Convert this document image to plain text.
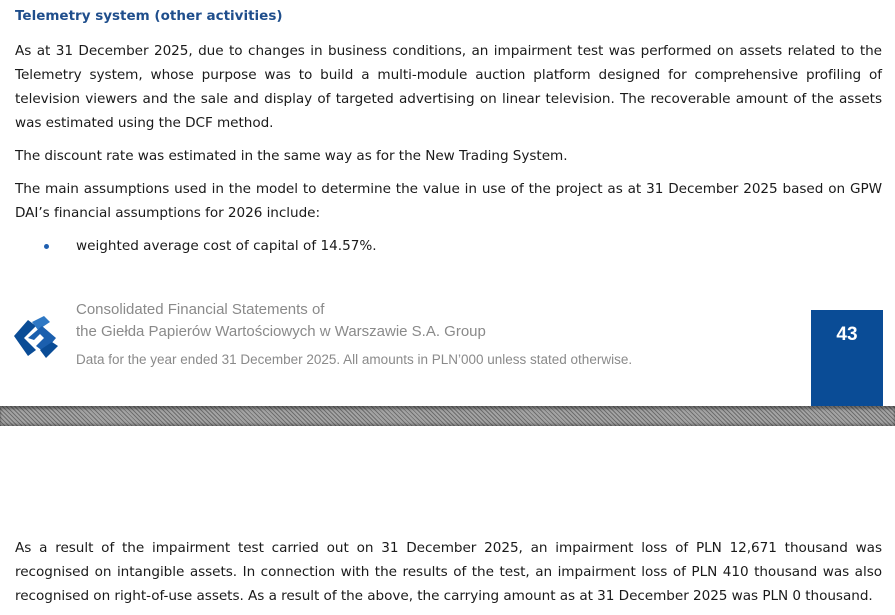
Telemetry system (other activities)

As at 31 December 2025, due to changes in business conditions, an impairment test was performed on assets related to the Telemetry system, whose purpose was to build a multi-module auction platform designed for comprehensive profiling of television viewers and the sale and display of targeted advertising on linear television. The recoverable amount of the assets was estimated using the DCF method.

The discount rate was estimated in the same way as for the New Trading System.

The main assumptions used in the model to determine the value in use of the project as at 31 December 2025 based on GPW DAI’s financial assumptions for 2026 include:

weighted average cost of capital of 14.57%.
Consolidated Financial Statements of
the Giełda Papierów Wartościowych w Warszawie S.A. Group
Data for the year ended 31 December 2025. All amounts in PLN’000 unless stated otherwise.
43

As a result of the impairment test carried out on 31 December 2025, an impairment loss of PLN 12,671 thousand was recognised on intangible assets. In connection with the results of the test, an impairment loss of PLN 410 thousand was also recognised on right-of-use assets. As a result of the above, the carrying amount as at 31 December 2025 was PLN 0 thousand.
